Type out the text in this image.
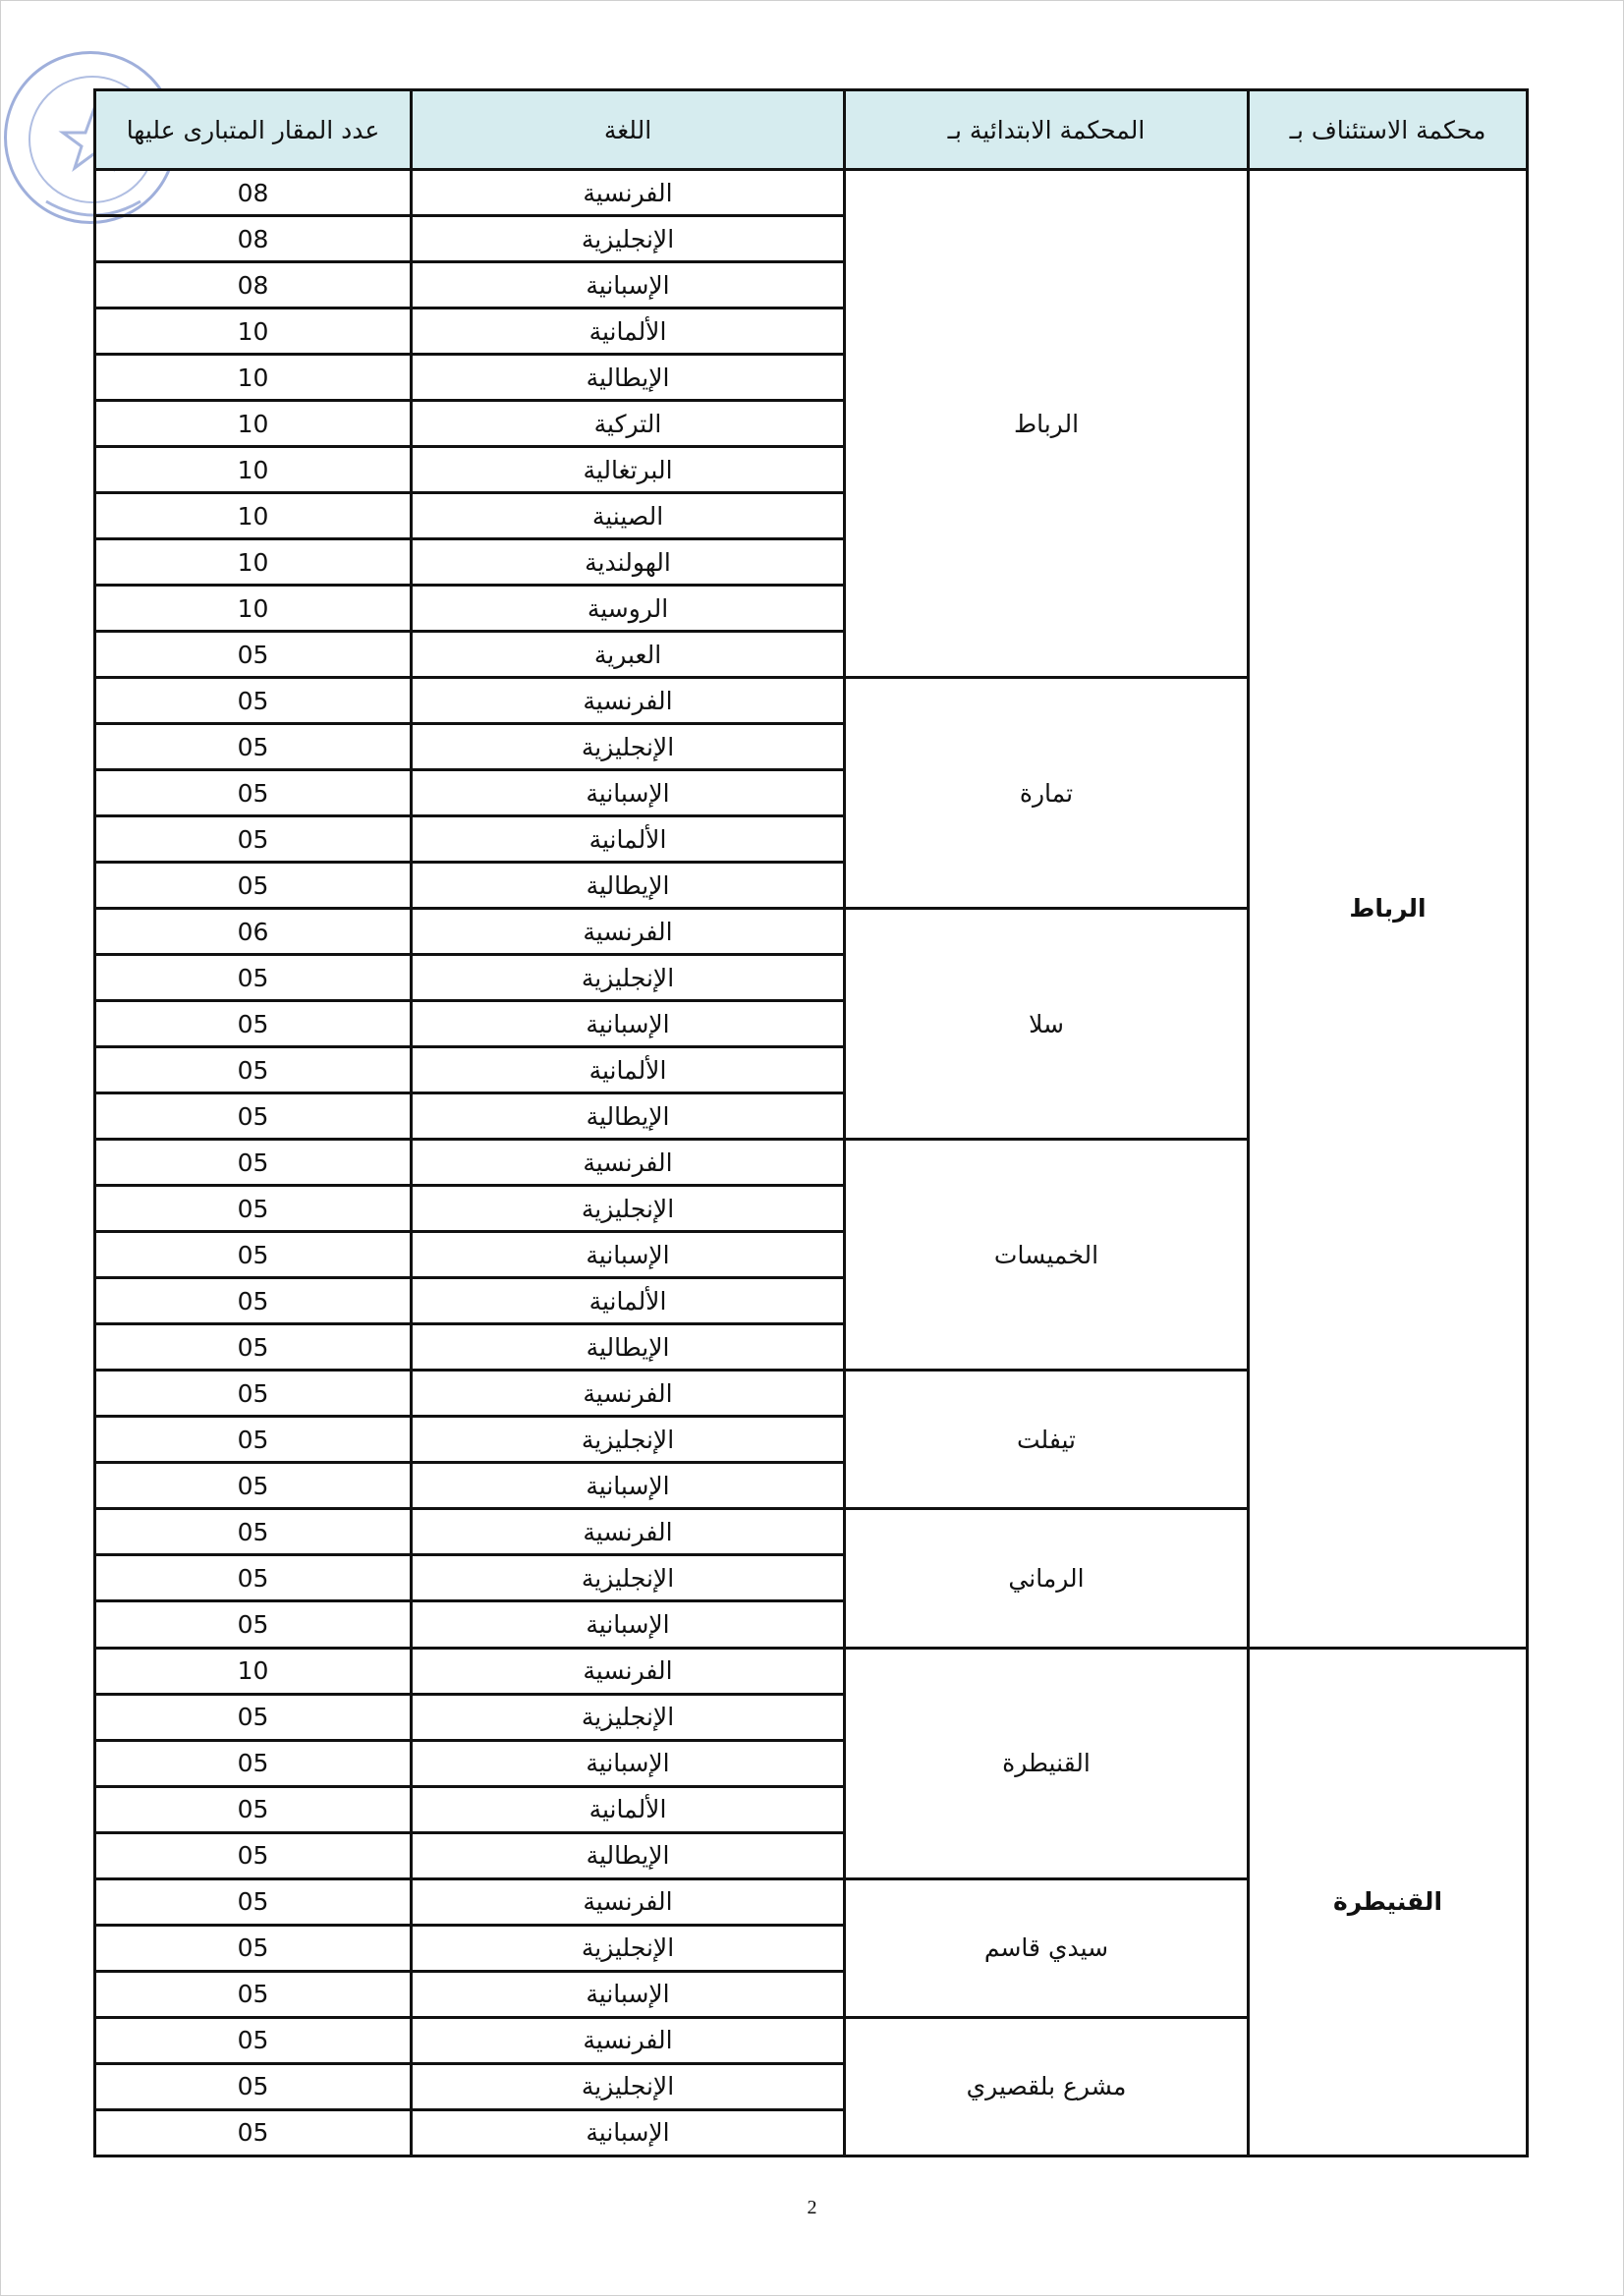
محكمة الاستئناف بـ	المحكمة الابتدائية بـ	اللغة	عدد المقار المتبارى عليها
الرباط	الرباط	الفرنسية	08
		الإنجليزية	08
		الإسبانية	08
		الألمانية	10
		الإيطالية	10
		التركية	10
		البرتغالية	10
		الصينية	10
		الهولندية	10
		الروسية	10
		العبرية	05
	تمارة	الفرنسية	05
		الإنجليزية	05
		الإسبانية	05
		الألمانية	05
		الإيطالية	05
	سلا	الفرنسية	06
		الإنجليزية	05
		الإسبانية	05
		الألمانية	05
		الإيطالية	05
	الخميسات	الفرنسية	05
		الإنجليزية	05
		الإسبانية	05
		الألمانية	05
		الإيطالية	05
	تيفلت	الفرنسية	05
		الإنجليزية	05
		الإسبانية	05
	الرماني	الفرنسية	05
		الإنجليزية	05
		الإسبانية	05
القنيطرة	القنيطرة	الفرنسية	10
		الإنجليزية	05
		الإسبانية	05
		الألمانية	05
		الإيطالية	05
	سيدي قاسم	الفرنسية	05
		الإنجليزية	05
		الإسبانية	05
	مشرع بلقصيري	الفرنسية	05
		الإنجليزية	05
		الإسبانية	05
2
